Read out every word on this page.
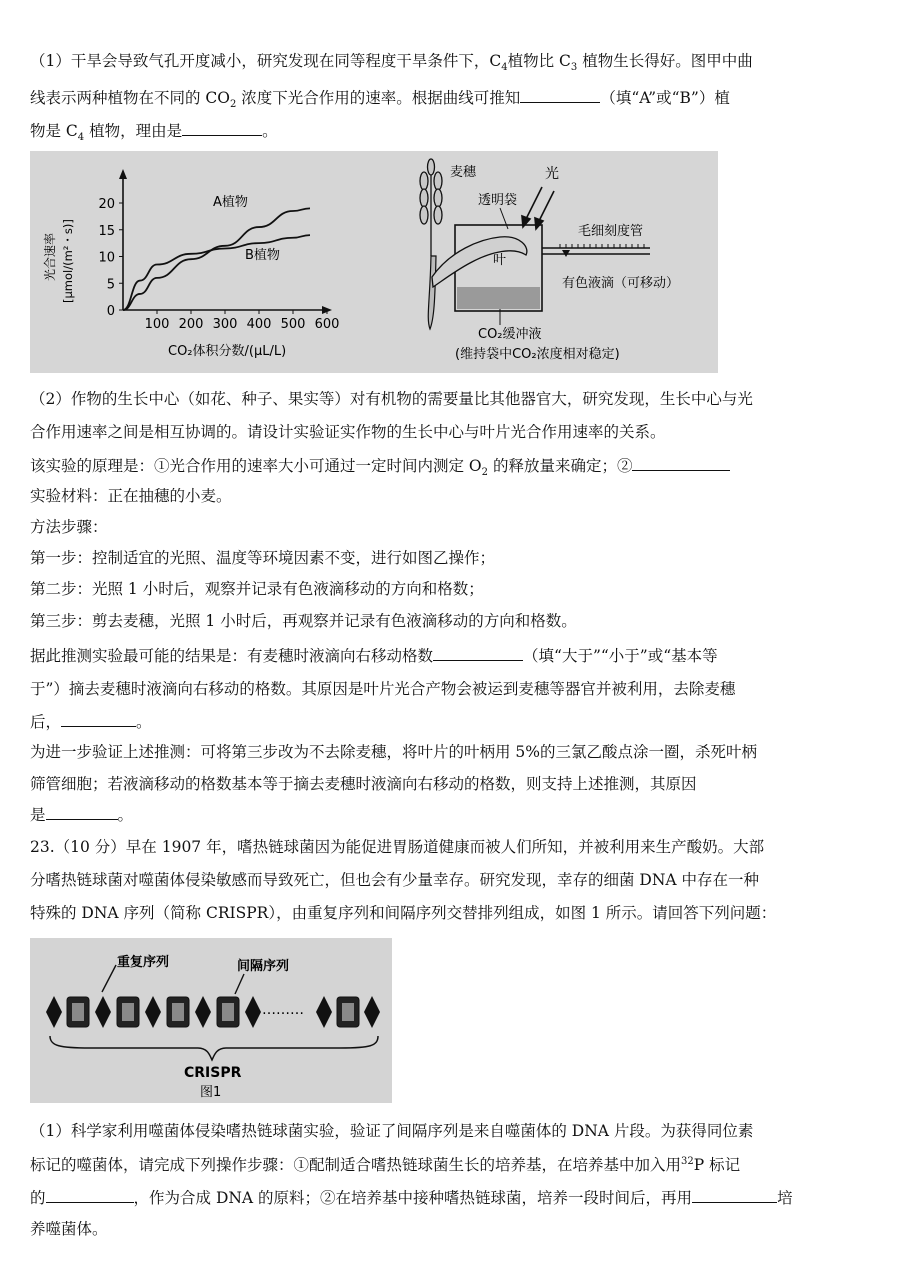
（1）干旱会导致气孔开度减小，研究发现在同等程度干旱条件下，$C_4$植物比 $C_3$ 植物生长得好。图甲中曲
线表示两种植物在不同的 $CO_2$ 浓度下光合作用的速率。根据曲线可推知	（填“A”或“B”）植
物是 $C_4$ 植物，理由是	。
0
5
10
15
20
100 200 300 400 500 600
A植物
B植物
光合速率 [μmol/(m²・s)]
CO₂体积分数/(μL/L)
麦穗
透明袋
光
叶
毛细刻度管
有色液滴（可移动）
CO₂缓冲液
(维持袋中CO₂浓度相对稳定)
（2）作物的生长中心（如花、种子、果实等）对有机物的需要量比其他器官大，研究发现，生长中心与光
合作用速率之间是相互协调的。请设计实验证实作物的生长中心与叶片光合作用速率的关系。
该实验的原理是：①光合作用的速率大小可通过一定时间内测定 $O_2$ 的释放量来确定；②
实验材料：正在抽穗的小麦。
方法步骤：
第一步：控制适宜的光照、温度等环境因素不变，进行如图乙操作；
第二步：光照 1 小时后，观察并记录有色液滴移动的方向和格数；
第三步：剪去麦穗，光照 1 小时后，再观察并记录有色液滴移动的方向和格数。
据此推测实验最可能的结果是：有麦穗时液滴向右移动格数	（填“大于”“小于”或“基本等
于”）摘去麦穗时液滴向右移动的格数。其原因是叶片光合产物会被运到麦穗等器官并被利用，去除麦穗
后，	。
为进一步验证上述推测：可将第三步改为不去除麦穗，将叶片的叶柄用 5%的三氯乙酸点涂一圈，杀死叶柄
筛管细胞；若液滴移动的格数基本等于摘去麦穗时液滴向右移动的格数，则支持上述推测，其原因
是	。
23.（10 分）早在 1907 年，嗜热链球菌因为能促进胃肠道健康而被人们所知，并被利用来生产酸奶。大部
分嗜热链球菌对噬菌体侵染敏感而导致死亡，但也会有少量幸存。研究发现，幸存的细菌 DNA 中存在一种
特殊的 DNA 序列（简称 CRISPR），由重复序列和间隔序列交替排列组成，如图 1 所示。请回答下列问题：
重复序列	间隔序列
………
CRISPR
图1
（1）科学家利用噬菌体侵染嗜热链球菌实验，验证了间隔序列是来自噬菌体的 DNA 片段。为获得同位素
标记的噬菌体，请完成下列操作步骤：①配制适合嗜热链球菌生长的培养基，在培养基中加入用$^{32}$P 标记
的	，作为合成 DNA 的原料；②在培养基中接种嗜热链球菌，培养一段时间后，再用	培
养噬菌体。
